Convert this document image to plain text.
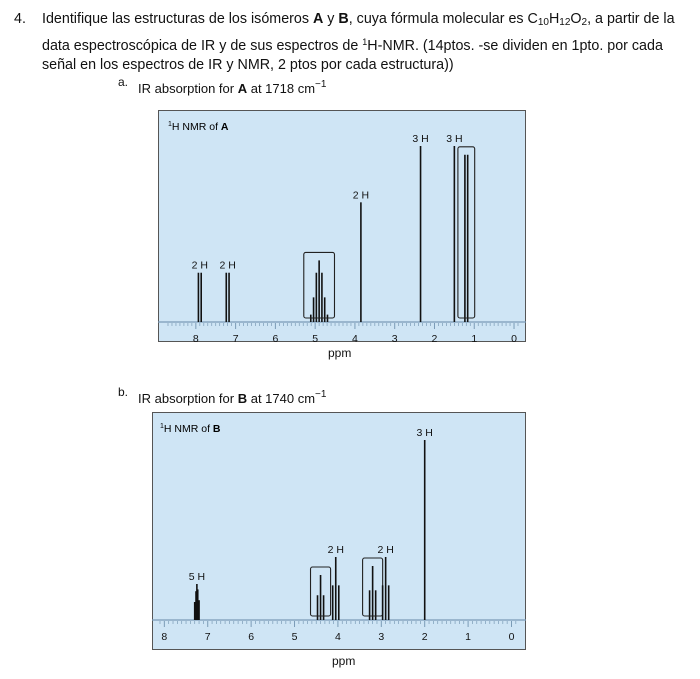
4. Identifique las estructuras de los isómeros A y B, cuya fórmula molecular es $C_{10}H_{12}O_2$, a partir de la data espectroscópica de IR y de sus espectros de $^1$H-NMR. (14ptos. -se dividen en 1pto. por cada señal en los espectros de IR y NMR, 2 ptos por cada estructura))
a. IR absorption for A at 1718 $cm^{-1}$
$^1$H NMR of A
8	7	6	5	4	3	2	1	0
2 H 2 H
2 H
3 H 3 H
ppm
b. IR absorption for B at 1740 $cm^{-1}$
$^1$H NMR of B
8	7	6	5	4	3	2	1	0
5 H
2 H	2 H
3 H
ppm
